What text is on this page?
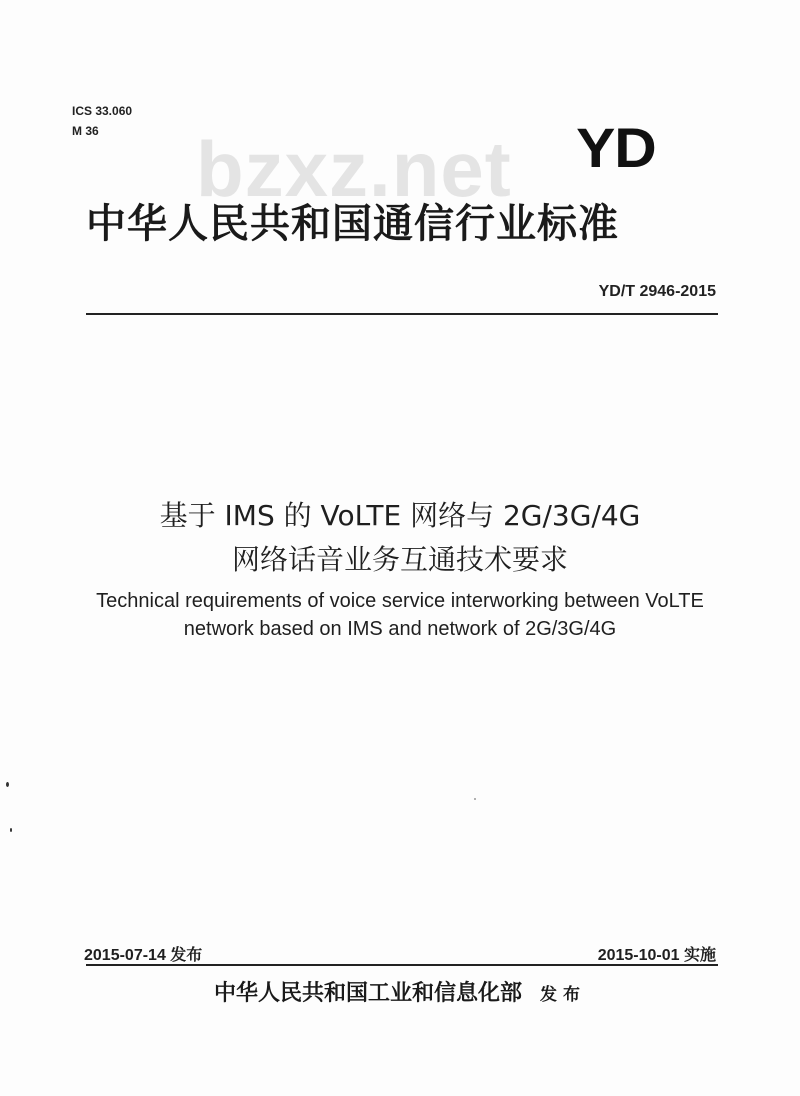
ICS 33.060
M 36 bzxz.net YD
中华人民共和国通信行业标准
YD/T 2946-2015
基于 IMS 的 VoLTE 网络与 2G/3G/4G
网络话音业务互通技术要求
Technical requirements of voice service interworking between VoLTE
network based on IMS and network of 2G/3G/4G
2015-07-14 发布	2015-10-01 实施
中华人民共和国工业和信息化部 发布
